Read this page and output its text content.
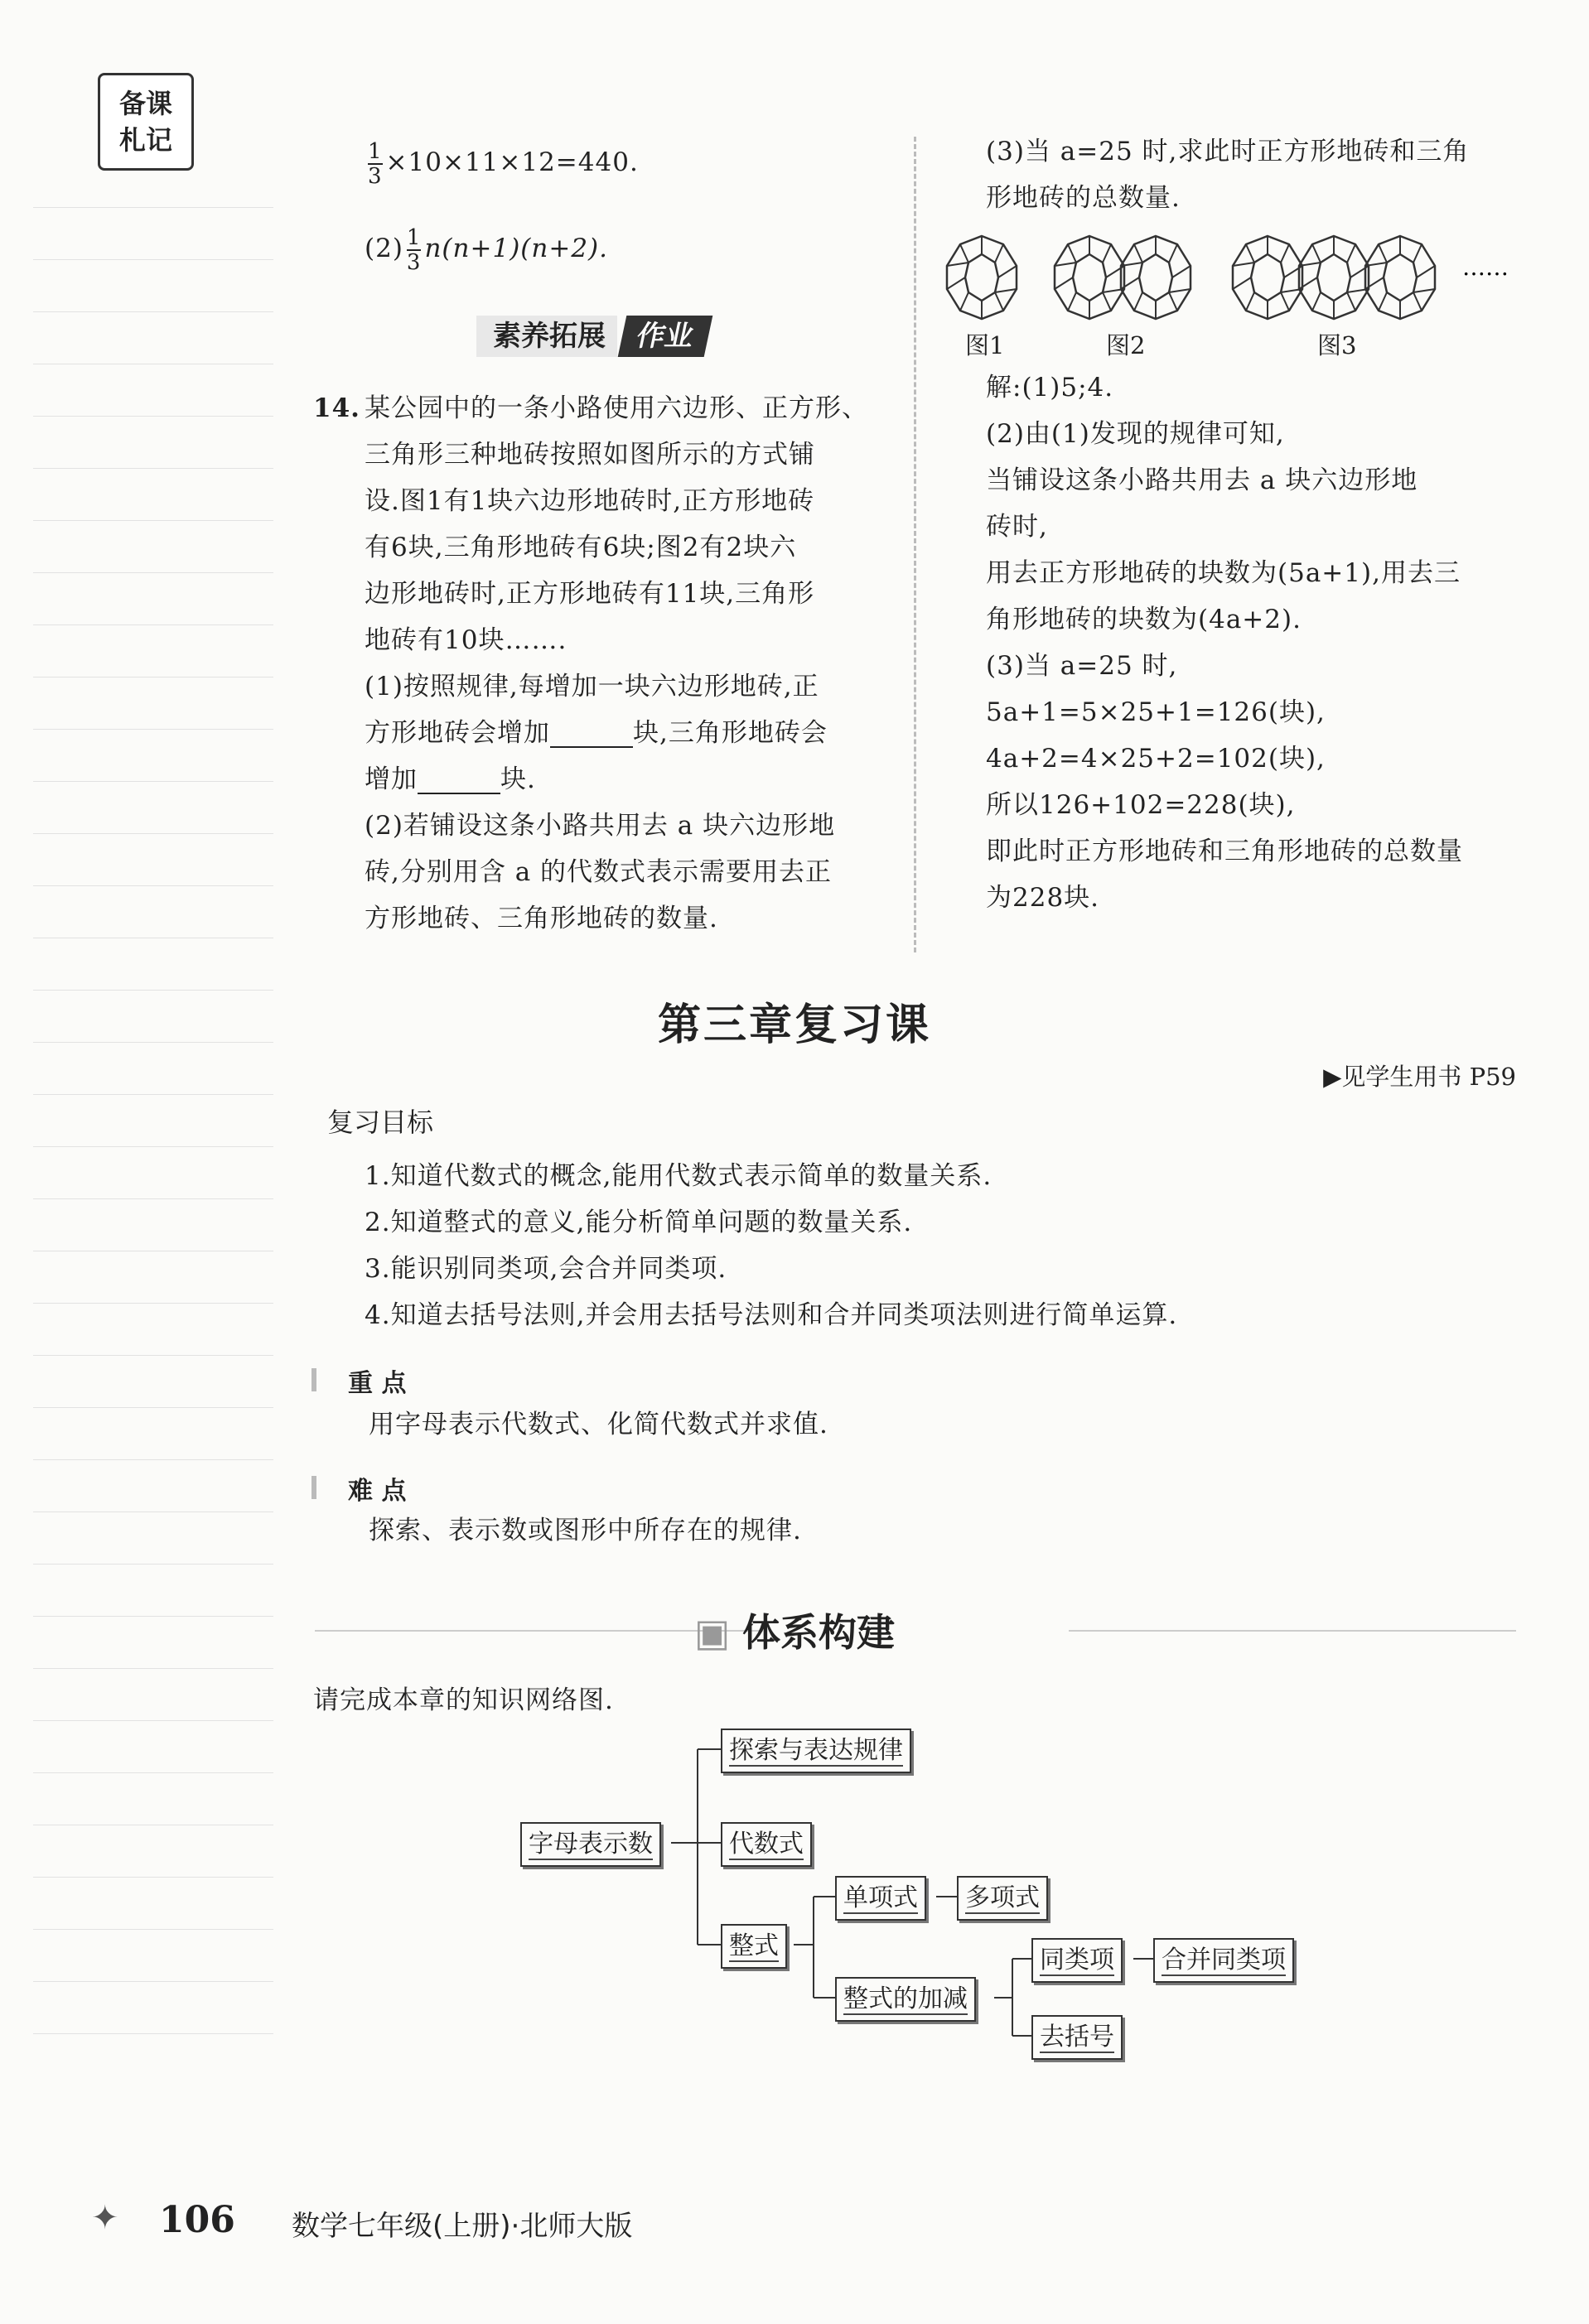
备课
札记	$\frac{1}{3} \times 10\times 11\times 12=440$.
$(2) \frac{1}{3} n(n+1)(n+2)$.
素养拓展 作业
14. 某公园中的一条小路使用六边形、正方形、
三角形三种地砖按照如图所示的方式铺
设.图1有1块六边形地砖时,正方形地砖
有6块,三角形地砖有6块;图2有2块六
边形地砖时,正方形地砖有11块,三角形
地砖有10块…….
(1)按照规律,每增加一块六边形地砖,正
方形地砖会增加	块,三角形地砖会
增加	块.
(2)若铺设这条小路共用去 a 块六边形地
砖,分别用含 a 的代数式表示需要用去正
方形地砖、三角形地砖的数量.
(3)当 a=25 时,求此时正方形地砖和三角
形地砖的总数量.
……
图1	图2	图3
解:(1)5;4.
(2)由(1)发现的规律可知,
当铺设这条小路共用去 a 块六边形地
砖时,
用去正方形地砖的块数为(5a+1),用去三
角形地砖的块数为(4a+2).
(3)当 a=25 时,
5a+1=5×25+1=126(块),
4a+2=4×25+2=102(块),
所以126+102=228(块),
即此时正方形地砖和三角形地砖的总数量
为228块.
第三章复习课
▶见学生用书 P59
复习目标
1.知道代数式的概念,能用代数式表示简单的数量关系.
2.知道整式的意义,能分析简单问题的数量关系.
3.能识别同类项,会合并同类项.
4.知道去括号法则,并会用去括号法则和合并同类项法则进行简单运算.
重 点
用字母表示代数式、化简代数式并求值.
难 点
探索、表示数或图形中所存在的规律.
▣ 体系构建
请完成本章的知识网络图.
字母表示数
探索与表达规律
代数式
整式
单项式	多项式
整式的加减
同类项	合并同类项
去括号
✦ 106 数学七年级(上册)·北师大版
